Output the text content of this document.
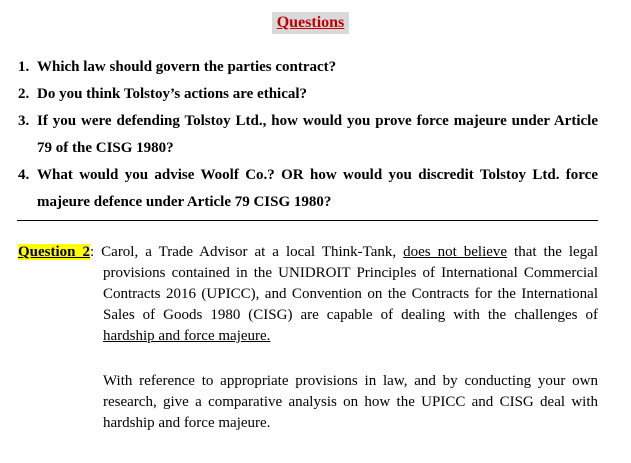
Questions
1. Which law should govern the parties contract?
2. Do you think Tolstoy’s actions are ethical?
3. If you were defending Tolstoy Ltd., how would you prove force majeure under Article 79 of the CISG 1980?
4. What would you advise Woolf Co.? OR how would you discredit Tolstoy Ltd. force majeure defence under Article 79 CISG 1980?

Question 2: Carol, a Trade Advisor at a local Think-Tank, does not believe that the legal provisions contained in the UNIDROIT Principles of International Commercial Contracts 2016 (UPICC), and Convention on the Contracts for the International Sales of Goods 1980 (CISG) are capable of dealing with the challenges of hardship and force majeure.

With reference to appropriate provisions in law, and by conducting your own research, give a comparative analysis on how the UPICC and CISG deal with hardship and force majeure.
